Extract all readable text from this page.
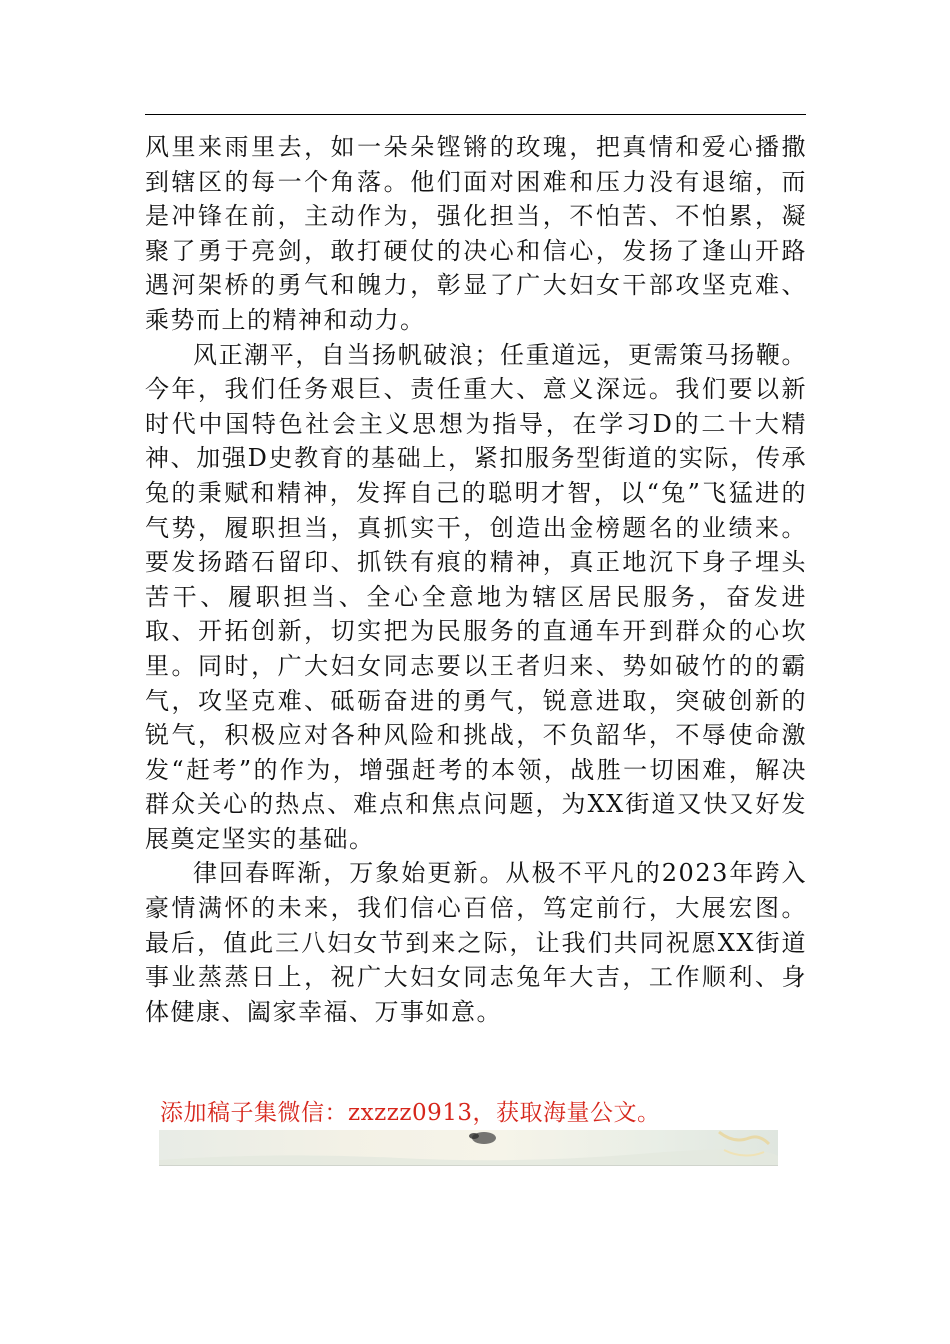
风里来雨里去，如一朵朵铿锵的玫瑰，把真情和爱心播撒到辖区的每一个角落。他们面对困难和压力没有退缩，而是冲锋在前，主动作为，强化担当，不怕苦、不怕累，凝聚了勇于亮剑，敢打硬仗的决心和信心，发扬了逢山开路遇河架桥的勇气和魄力，彰显了广大妇女干部攻坚克难、乘势而上的精神和动力。

风正潮平，自当扬帆破浪；任重道远，更需策马扬鞭。今年，我们任务艰巨、责任重大、意义深远。我们要以新时代中国特色社会主义思想为指导，在学习D的二十大精神、加强D史教育的基础上，紧扣服务型街道的实际，传承兔的秉赋和精神，发挥自己的聪明才智，以“兔”飞猛进的气势，履职担当，真抓实干，创造出金榜题名的业绩来。要发扬踏石留印、抓铁有痕的精神，真正地沉下身子埋头苦干、履职担当、全心全意地为辖区居民服务，奋发进取、开拓创新，切实把为民服务的直通车开到群众的心坎里。同时，广大妇女同志要以王者归来、势如破竹的的霸气，攻坚克难、砥砺奋进的勇气，锐意进取，突破创新的锐气，积极应对各种风险和挑战，不负韶华，不辱使命激发“赶考”的作为，增强赶考的本领，战胜一切困难，解决群众关心的热点、难点和焦点问题，为XX街道又快又好发展奠定坚实的基础。

律回春晖渐，万象始更新。从极不平凡的2023年跨入豪情满怀的未来，我们信心百倍，笃定前行，大展宏图。最后，值此三八妇女节到来之际，让我们共同祝愿XX街道事业蒸蒸日上，祝广大妇女同志兔年大吉，工作顺利、身体健康、阖家幸福、万事如意。

添加稿子集微信：zxzzz0913，获取海量公文。
